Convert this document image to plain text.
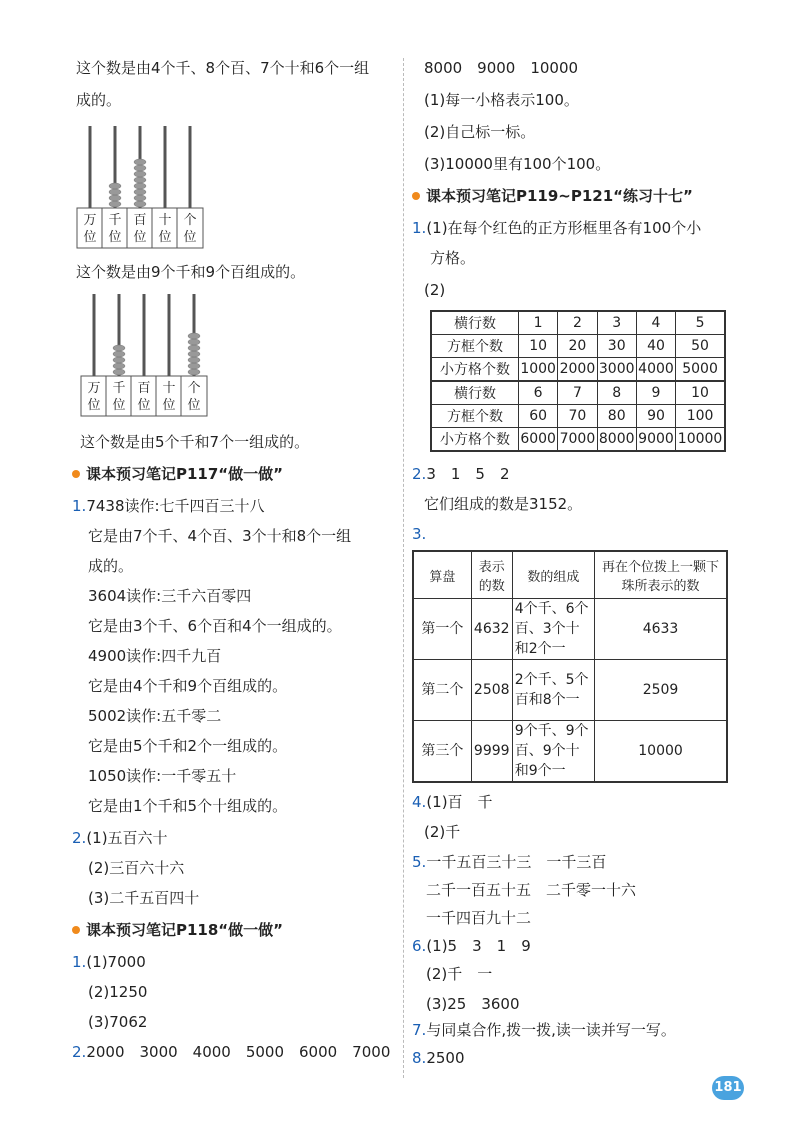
这个数是由4个千、8个百、7个十和6个一组
成的。
万
位
千
位
百
位
十
位
个
位
这个数是由9个千和9个百组成的。
万
位
千
位
百
位
十
位
个
位
这个数是由5个千和7个一组成的。
课本预习笔记P117“做一做”
1.7438读作:七千四百三十八
它是由7个千、4个百、3个十和8个一组
成的。
3604读作:三千六百零四
它是由3个千、6个百和4个一组成的。
4900读作:四千九百
它是由4个千和9个百组成的。
5002读作:五千零二
它是由5个千和2个一组成的。
1050读作:一千零五十
它是由1个千和5个十组成的。
2.(1)五百六十
(2)三百六十六
(3)二千五百四十
课本预习笔记P118“做一做”
1.(1)7000
(2)1250
(3)7062
2.2000　3000　4000　5000　6000　7000
8000　9000　10000
(1)每一小格表示100。
(2)自己标一标。
(3)10000里有100个100。
课本预习笔记P119~P121“练习十七”
1.(1)在每个红色的正方形框里各有100个小
方格。
(2)
横行数	1	2	3	4	5
方框个数	10	20	30	40	50
小方格个数	1000	2000	3000	4000	5000
横行数	6	7	8	9	10
方框个数	60	70	80	90	100
小方格个数	6000	7000	8000	9000	10000
2.3　1　5　2
它们组成的数是3152。
3.
算盘	表示的数	数的组成	再在个位拨上一颗下珠所表示的数
第一个	4632	4个千、6个百、3个十和2个一	4633
第二个	2508	2个千、5个百和8个一	2509
第三个	9999	9个千、9个百、9个十和9个一	10000
4.(1)百　千
(2)千
5.一千五百三十三　一千三百
二千一百五十五　二千零一十六
一千四百九十二
6.(1)5　3　1　9
(2)千　一
(3)25　3600
7.与同桌合作,拨一拨,读一读并写一写。
8.2500
181
